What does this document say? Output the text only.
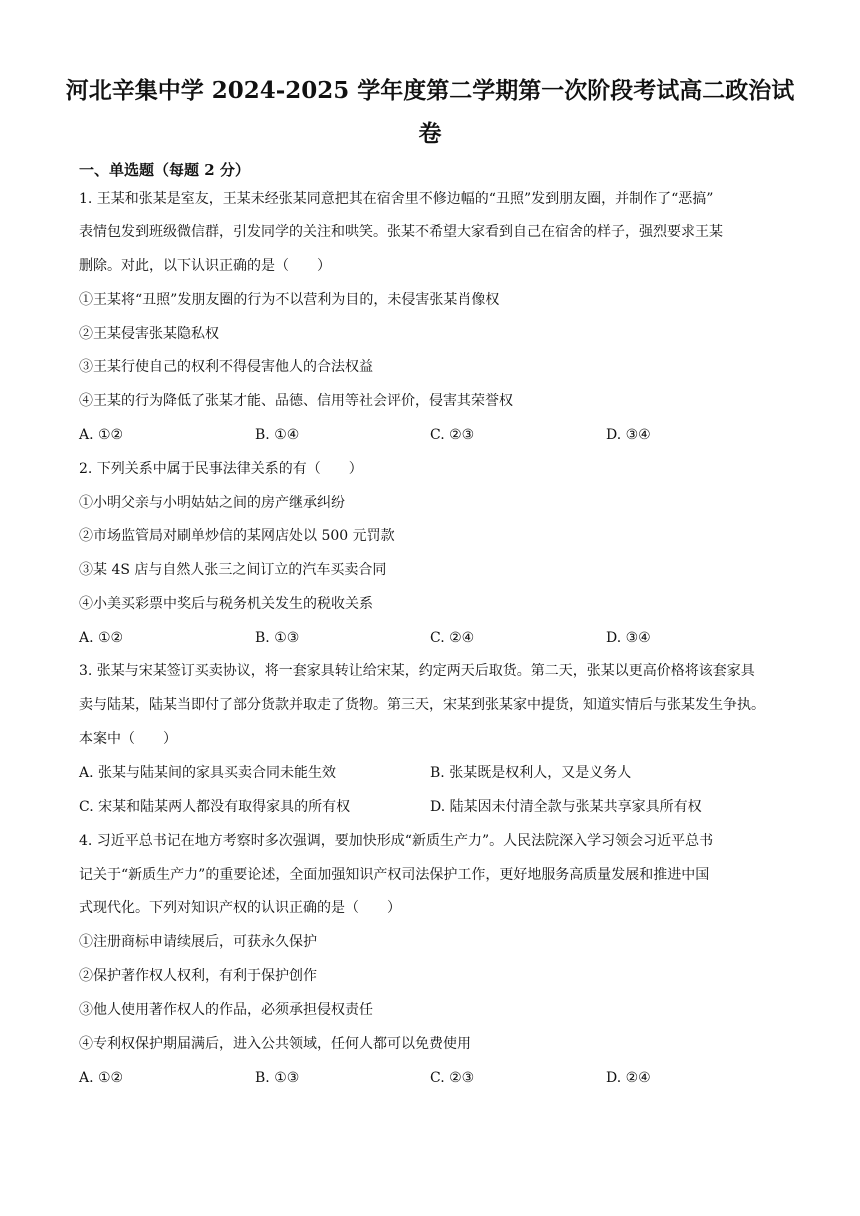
河北辛集中学 2024-2025 学年度第二学期第一次阶段考试高二政治试
卷
一、单选题（每题 2 分）
1. 王某和张某是室友，王某未经张某同意把其在宿舍里不修边幅的“丑照”发到朋友圈，并制作了“恶搞”
表情包发到班级微信群，引发同学的关注和哄笑。张某不希望大家看到自己在宿舍的样子，强烈要求王某
删除。对此，以下认识正确的是（　　）
①王某将“丑照”发朋友圈的行为不以营利为目的，未侵害张某肖像权
②王某侵害张某隐私权
③王某行使自己的权利不得侵害他人的合法权益
④王某的行为降低了张某才能、品德、信用等社会评价，侵害其荣誉权
A. ①②	B. ①④	C. ②③	D. ③④
2. 下列关系中属于民事法律关系的有（　　）
①小明父亲与小明姑姑之间的房产继承纠纷
②市场监管局对刷单炒信的某网店处以 500 元罚款
③某 4S 店与自然人张三之间订立的汽车买卖合同
④小美买彩票中奖后与税务机关发生的税收关系
A. ①②	B. ①③	C. ②④	D. ③④
3. 张某与宋某签订买卖协议，将一套家具转让给宋某，约定两天后取货。第二天，张某以更高价格将该套家具
卖与陆某，陆某当即付了部分货款并取走了货物。第三天，宋某到张某家中提货，知道实情后与张某发生争执。
本案中（　　）
A. 张某与陆某间的家具买卖合同未能生效	B. 张某既是权利人，又是义务人
C. 宋某和陆某两人都没有取得家具的所有权	D. 陆某因未付清全款与张某共享家具所有权
4. 习近平总书记在地方考察时多次强调，要加快形成“新质生产力”。人民法院深入学习领会习近平总书
记关于“新质生产力”的重要论述，全面加强知识产权司法保护工作，更好地服务高质量发展和推进中国
式现代化。下列对知识产权的认识正确的是（　　）
①注册商标申请续展后，可获永久保护
②保护著作权人权利，有利于保护创作
③他人使用著作权人的作品，必须承担侵权责任
④专利权保护期届满后，进入公共领域，任何人都可以免费使用
A. ①②	B. ①③	C. ②③	D. ②④
